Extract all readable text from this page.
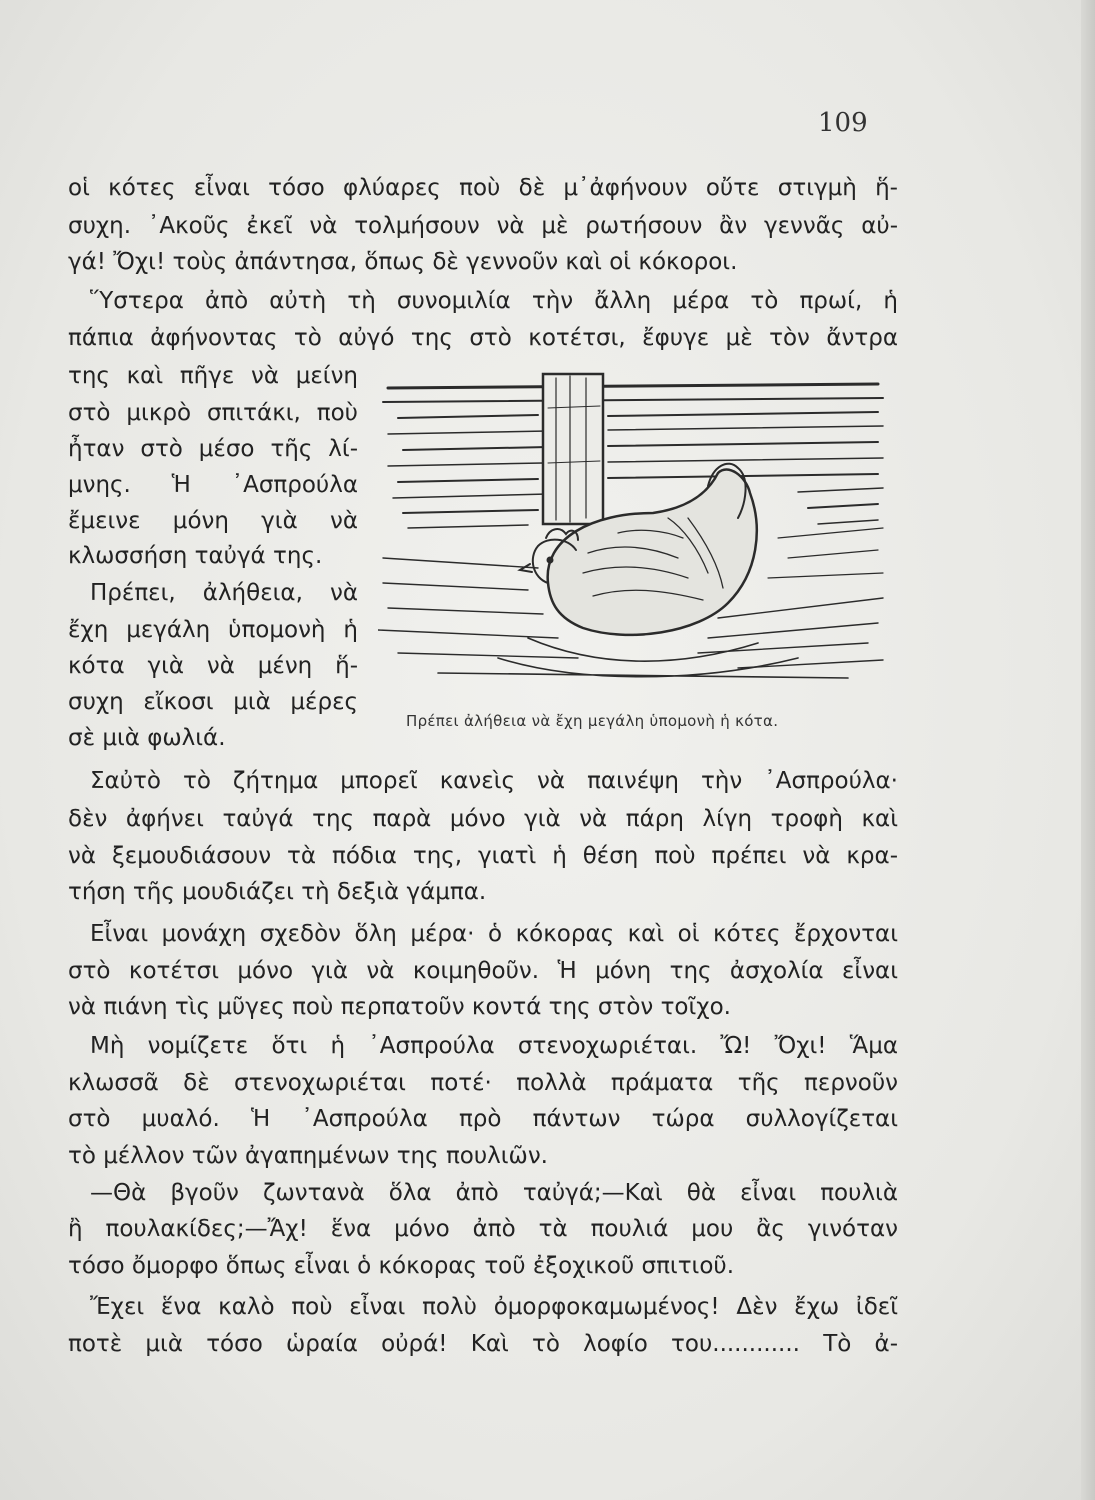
109
οἱ κότες εἶναι τόσο φλύαρες ποὺ δὲ μ᾿ἀφήνουν οὔτε στιγμὴ ἥ-
συχη. ᾿Ακοῦς ἐκεῖ νὰ τολμήσουν νὰ μὲ ρωτήσουν ἂν γεννᾶς αὐ-
γά! Ὄχι! τοὺς ἀπάντησα, ὅπως δὲ γεννοῦν καὶ οἱ κόκοροι.
Ὕστερα ἀπὸ αὐτὴ τὴ συνομιλία τὴν ἄλλη μέρα τὸ πρωί, ἡ
πάπια ἀφήνοντας τὸ αὐγό της στὸ κοτέτσι, ἔφυγε μὲ τὸν ἄντρα
της καὶ πῆγε νὰ μείνη
στὸ μικρὸ σπιτάκι, ποὺ
ἦταν στὸ μέσο τῆς λί-
μνης. Ἡ ᾿Ασπρούλα
ἔμεινε μόνη γιὰ νὰ
κλωσσήση ταὐγά της.
Πρέπει, ἀλήθεια, νὰ
ἔχη μεγάλη ὑπομονὴ ἡ
κότα γιὰ νὰ μένη ἥ-
συχη εἴκοσι μιὰ μέρες
σὲ μιὰ φωλιά.
Πρέπει ἀλήθεια νὰ ἔχη μεγάλη ὑπομονὴ ἡ κότα.
Σαὐτὸ τὸ ζήτημα μπορεῖ κανεὶς νὰ παινέψη τὴν ᾿Ασπρούλα·
δὲν ἀφήνει ταὐγά της παρὰ μόνο γιὰ νὰ πάρη λίγη τροφὴ καὶ
νὰ ξεμουδιάσουν τὰ πόδια της, γιατὶ ἡ θέση ποὺ πρέπει νὰ κρα-
τήση τῆς μουδιάζει τὴ δεξιὰ γάμπα.
Εἶναι μονάχη σχεδὸν ὅλη μέρα· ὁ κόκορας καὶ οἱ κότες ἔρχονται
στὸ κοτέτσι μόνο γιὰ νὰ κοιμηθοῦν. Ἡ μόνη της ἀσχολία εἶναι
νὰ πιάνη τὶς μῦγες ποὺ περπατοῦν κοντά της στὸν τοῖχο.
Μὴ νομίζετε ὅτι ἡ ᾿Ασπρούλα στενοχωριέται. Ὤ! Ὄχι! Ἅμα
κλωσσᾶ δὲ στενοχωριέται ποτέ· πολλὰ πράματα τῆς περνοῦν
στὸ μυαλό. Ἡ ᾿Ασπρούλα πρὸ πάντων τώρα συλλογίζεται
τὸ μέλλον τῶν ἀγαπημένων της πουλιῶν.
—Θὰ βγοῦν ζωντανὰ ὅλα ἀπὸ ταὐγά;—Καὶ θὰ εἶναι πουλιὰ
ἢ πουλακίδες;—Ἄχ! ἕνα μόνο ἀπὸ τὰ πουλιά μου ἂς γινόταν
τόσο ὄμορφο ὅπως εἶναι ὁ κόκορας τοῦ ἐξοχικοῦ σπιτιοῦ.
Ἔχει ἕνα καλὸ ποὺ εἶναι πολὺ ὀμορφοκαμωμένος! Δὲν ἔχω ἰδεῖ
ποτὲ μιὰ τόσο ὡραία οὐρά! Καὶ τὸ λοφίο του............ Τὸ ἀ-
